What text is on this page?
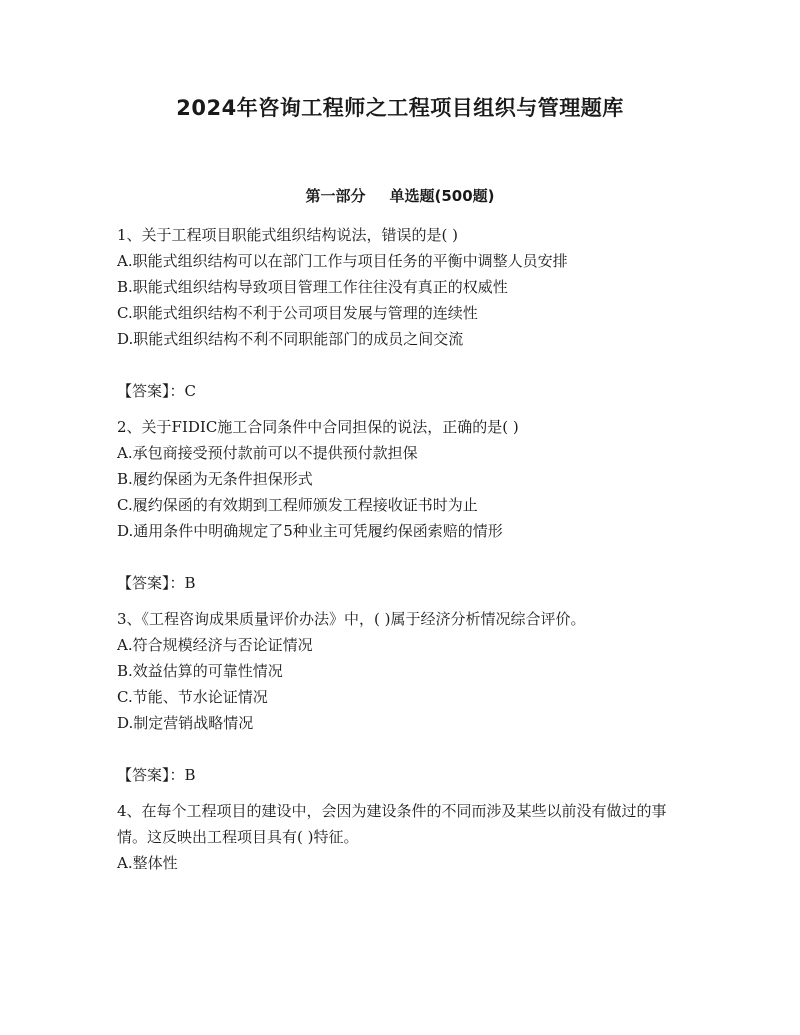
2024年咨询工程师之工程项目组织与管理题库
第一部分 单选题(500题)

1、关于工程项目职能式组织结构说法，错误的是( )

A.职能式组织结构可以在部门工作与项目任务的平衡中调整人员安排

B.职能式组织结构导致项目管理工作往往没有真正的权威性

C.职能式组织结构不利于公司项目发展与管理的连续性

D.职能式组织结构不利不同职能部门的成员之间交流

【答案】：C

2、关于FIDIC施工合同条件中合同担保的说法，正确的是( )

A.承包商接受预付款前可以不提供预付款担保

B.履约保函为无条件担保形式

C.履约保函的有效期到工程师颁发工程接收证书时为止

D.通用条件中明确规定了5种业主可凭履约保函索赔的情形

【答案】：B

3、《工程咨询成果质量评价办法》中，( )属于经济分析情况综合评价。

A.符合规模经济与否论证情况

B.效益估算的可靠性情况

C.节能、节水论证情况

D.制定营销战略情况

【答案】：B

4、在每个工程项目的建设中，会因为建设条件的不同而涉及某些以前没有做过的事情。这反映出工程项目具有( )特征。

A.整体性
